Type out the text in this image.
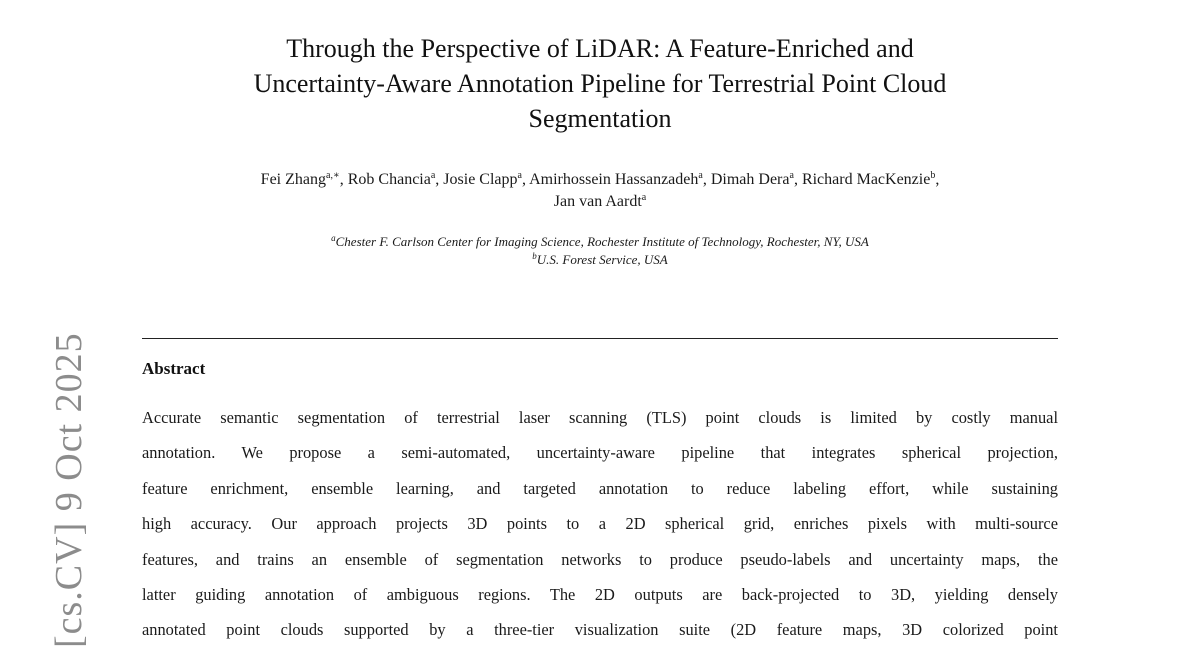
[cs.CV] 9 Oct 2025
Through the Perspective of LiDAR: A Feature-Enriched and
Uncertainty-Aware Annotation Pipeline for Terrestrial Point Cloud
Segmentation
Fei Zhang$^{a,∗}$, Rob Chancia$^a$, Josie Clapp$^a$, Amirhossein Hassanzadeh$^a$, Dimah Dera$^a$, Richard MacKenzie$^b$,
Jan van Aardt$^a$
$^a$Chester F. Carlson Center for Imaging Science, Rochester Institute of Technology, Rochester, NY, USA
$^b$U.S. Forest Service, USA
Abstract
Accurate semantic segmentation of terrestrial laser scanning (TLS) point clouds is limited by costly manual
annotation. We propose a semi-automated, uncertainty-aware pipeline that integrates spherical projection,
feature enrichment, ensemble learning, and targeted annotation to reduce labeling effort, while sustaining
high accuracy. Our approach projects 3D points to a 2D spherical grid, enriches pixels with multi-source
features, and trains an ensemble of segmentation networks to produce pseudo-labels and uncertainty maps, the
latter guiding annotation of ambiguous regions. The 2D outputs are back-projected to 3D, yielding densely
annotated point clouds supported by a three-tier visualization suite (2D feature maps, 3D colorized point
